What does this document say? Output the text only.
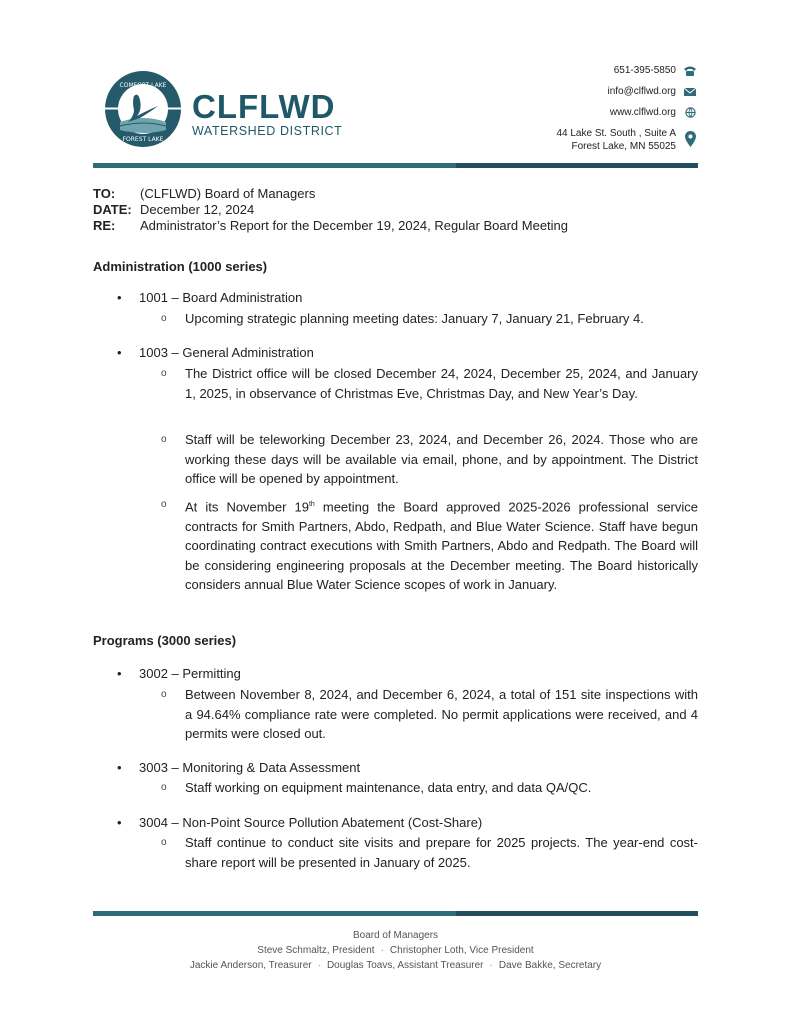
COMFORT LAKE
FOREST LAKE
CLFLWD
WATERSHED DISTRICT
651-395-5850
info@clflwd.org
www.clflwd.org
44 Lake St. South , Suite A
Forest Lake, MN 55025
TO:	(CLFLWD) Board of Managers
DATE: December 12, 2024
RE:	Administrator’s Report for the December 19, 2024, Regular Board Meeting
Administration (1000 series)
• 1001 – Board Administration
o Upcoming strategic planning meeting dates: January 7, January 21, February 4.
• 1003 – General Administration
o The District office will be closed December 24, 2024, December 25, 2024, and January 1, 2025, in observance of Christmas Eve, Christmas Day, and New Year’s Day.
o Staff will be teleworking December 23, 2024, and December 26, 2024. Those who are working these days will be available via email, phone, and by appointment. The District office will be opened by appointment.
o At its November 19th meeting the Board approved 2025-2026 professional service contracts for Smith Partners, Abdo, Redpath, and Blue Water Science. Staff have begun coordinating contract executions with Smith Partners, Abdo and Redpath. The Board will be considering engineering proposals at the December meeting. The Board historically considers annual Blue Water Science scopes of work in January.
Programs (3000 series)
• 3002 – Permitting
o Between November 8, 2024, and December 6, 2024, a total of 151 site inspections with a 94.64% compliance rate were completed. No permit applications were received, and 4 permits were closed out.
• 3003 – Monitoring & Data Assessment
o Staff working on equipment maintenance, data entry, and data QA/QC.
• 3004 – Non-Point Source Pollution Abatement (Cost-Share)
o Staff continue to conduct site visits and prepare for 2025 projects. The year-end cost-share report will be presented in January of 2025.
Board of Managers
Steve Schmaltz, President · Christopher Loth, Vice President
Jackie Anderson, Treasurer · Douglas Toavs, Assistant Treasurer · Dave Bakke, Secretary
